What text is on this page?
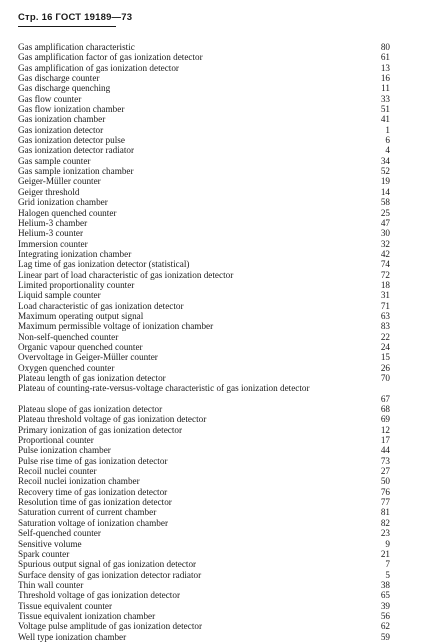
Стр. 16 ГОСТ 19189—73
Gas amplification characteristic	80
Gas amplification factor of gas ionization detector	61
Gas amplification of gas ionization detector	13
Gas discharge counter	16
Gas discharge quenching	11
Gas flow counter	33
Gas flow ionization chamber	51
Gas ionization chamber	41
Gas ionization detector	1
Gas ionization detector pulse	6
Gas ionization detector radiator	4
Gas sample counter	34
Gas sample ionization chamber	52
Geiger-Müller counter	19
Geiger threshold	14
Grid ionization chamber	58
Halogen quenched counter	25
Helium-3 chamber	47
Helium-3 counter	30
Immersion counter	32
Integrating ionization chamber	42
Lag time of gas ionization detector (statistical)	74
Linear part of load characteristic of gas ionization detector	72
Limited proportionality counter	18
Liquid sample counter	31
Load characteristic of gas ionization detector	71
Maximum operating output signal	63
Maximum permissible voltage of ionization chamber	83
Non-self-quenched counter	22
Organic vapour quenched counter	24
Overvoltage in Geiger-Müller counter	15
Oxygen quenched counter	26
Plateau length of gas ionization detector	70
Plateau of counting-rate-versus-voltage characteristic of gas ionization detector
67
Plateau slope of gas ionization detector	68
Plateau threshold voltage of gas ionization detector	69
Primary ionization of gas ionization detector	12
Proportional counter	17
Pulse ionization chamber	44
Pulse rise time of gas ionization detector	73
Recoil nuclei counter	27
Recoil nuclei ionization chamber	50
Recovery time of gas ionization detector	76
Resolution time of gas ionization detector	77
Saturation current of current chamber	81
Saturation voltage of ionization chamber	82
Self-quenched counter	23
Sensitive volume	9
Spark counter	21
Spurious output signal of gas ionization detector	7
Surface density of gas ionization detector radiator	5
Thin wall counter	38
Threshold voltage of gas ionization detector	65
Tissue equivalent counter	39
Tissue equivalent ionization chamber	56
Voltage pulse amplitude of gas ionization detector	62
Well type ionization chamber	59
